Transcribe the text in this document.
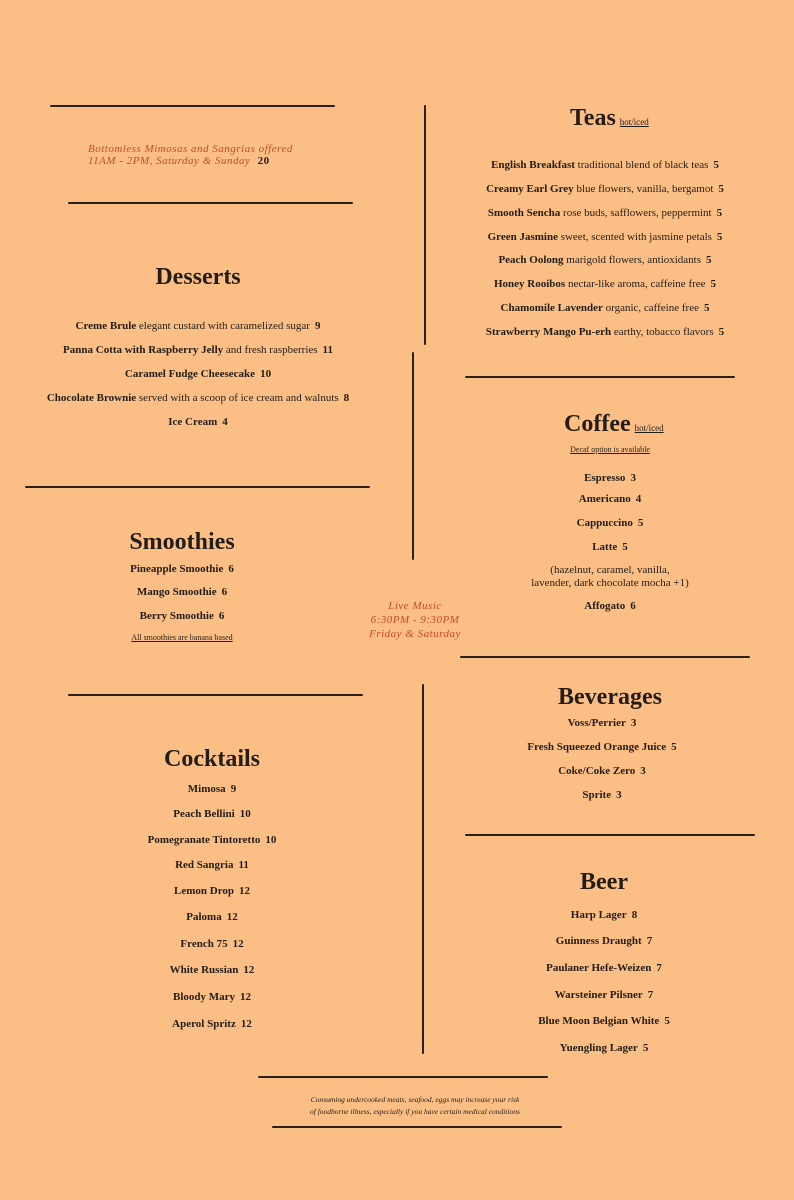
Bottomless Mimosas and Sangrias offered
11AM - 2PM, Saturday & Sunday 20
Desserts
Creme Brule elegant custard with caramelized sugar 9
Panna Cotta with Raspberry Jelly and fresh raspberries 11
Caramel Fudge Cheesecake 10
Chocolate Brownie served with a scoop of ice cream and walnuts 8
Ice Cream 4
Smoothies
Pineapple Smoothie 6
Mango Smoothie 6
Berry Smoothie 6
All smoothies are banana based
Live Music
6:30PM - 9:30PM
Friday & Saturday
Cocktails
Mimosa 9
Peach Bellini 10
Pomegranate Tintoretto 10
Red Sangria 11
Lemon Drop 12
Paloma 12
French 75 12
White Russian 12
Bloody Mary 12
Aperol Spritz 12
Teas hot/iced
English Breakfast traditional blend of black teas 5
Creamy Earl Grey blue flowers, vanilla, bergamot 5
Smooth Sencha rose buds, safflowers, peppermint 5
Green Jasmine sweet, scented with jasmine petals 5
Peach Oolong marigold flowers, antioxidants 5
Honey Rooibos nectar-like aroma, caffeine free 5
Chamomile Lavender organic, caffeine free 5
Strawberry Mango Pu-erh earthy, tobacco flavors 5
Coffee hot/iced
Decaf option is available
Espresso 3
Americano 4
Cappuccino 5
Latte 5
(hazelnut, caramel, vanilla,
lavender, dark chocolate mocha +1)
Affogato 6
Beverages
Voss/Perrier 3
Fresh Squeezed Orange Juice 5
Coke/Coke Zero 3
Sprite 3
Beer
Harp Lager 8
Guinness Draught 7
Paulaner Hefe-Weizen 7
Warsteiner Pilsner 7
Blue Moon Belgian White 5
Yuengling Lager 5
Consuming undercooked meats, seafood, eggs may increase your risk
of foodborne illness, especially if you have certain medical conditions
